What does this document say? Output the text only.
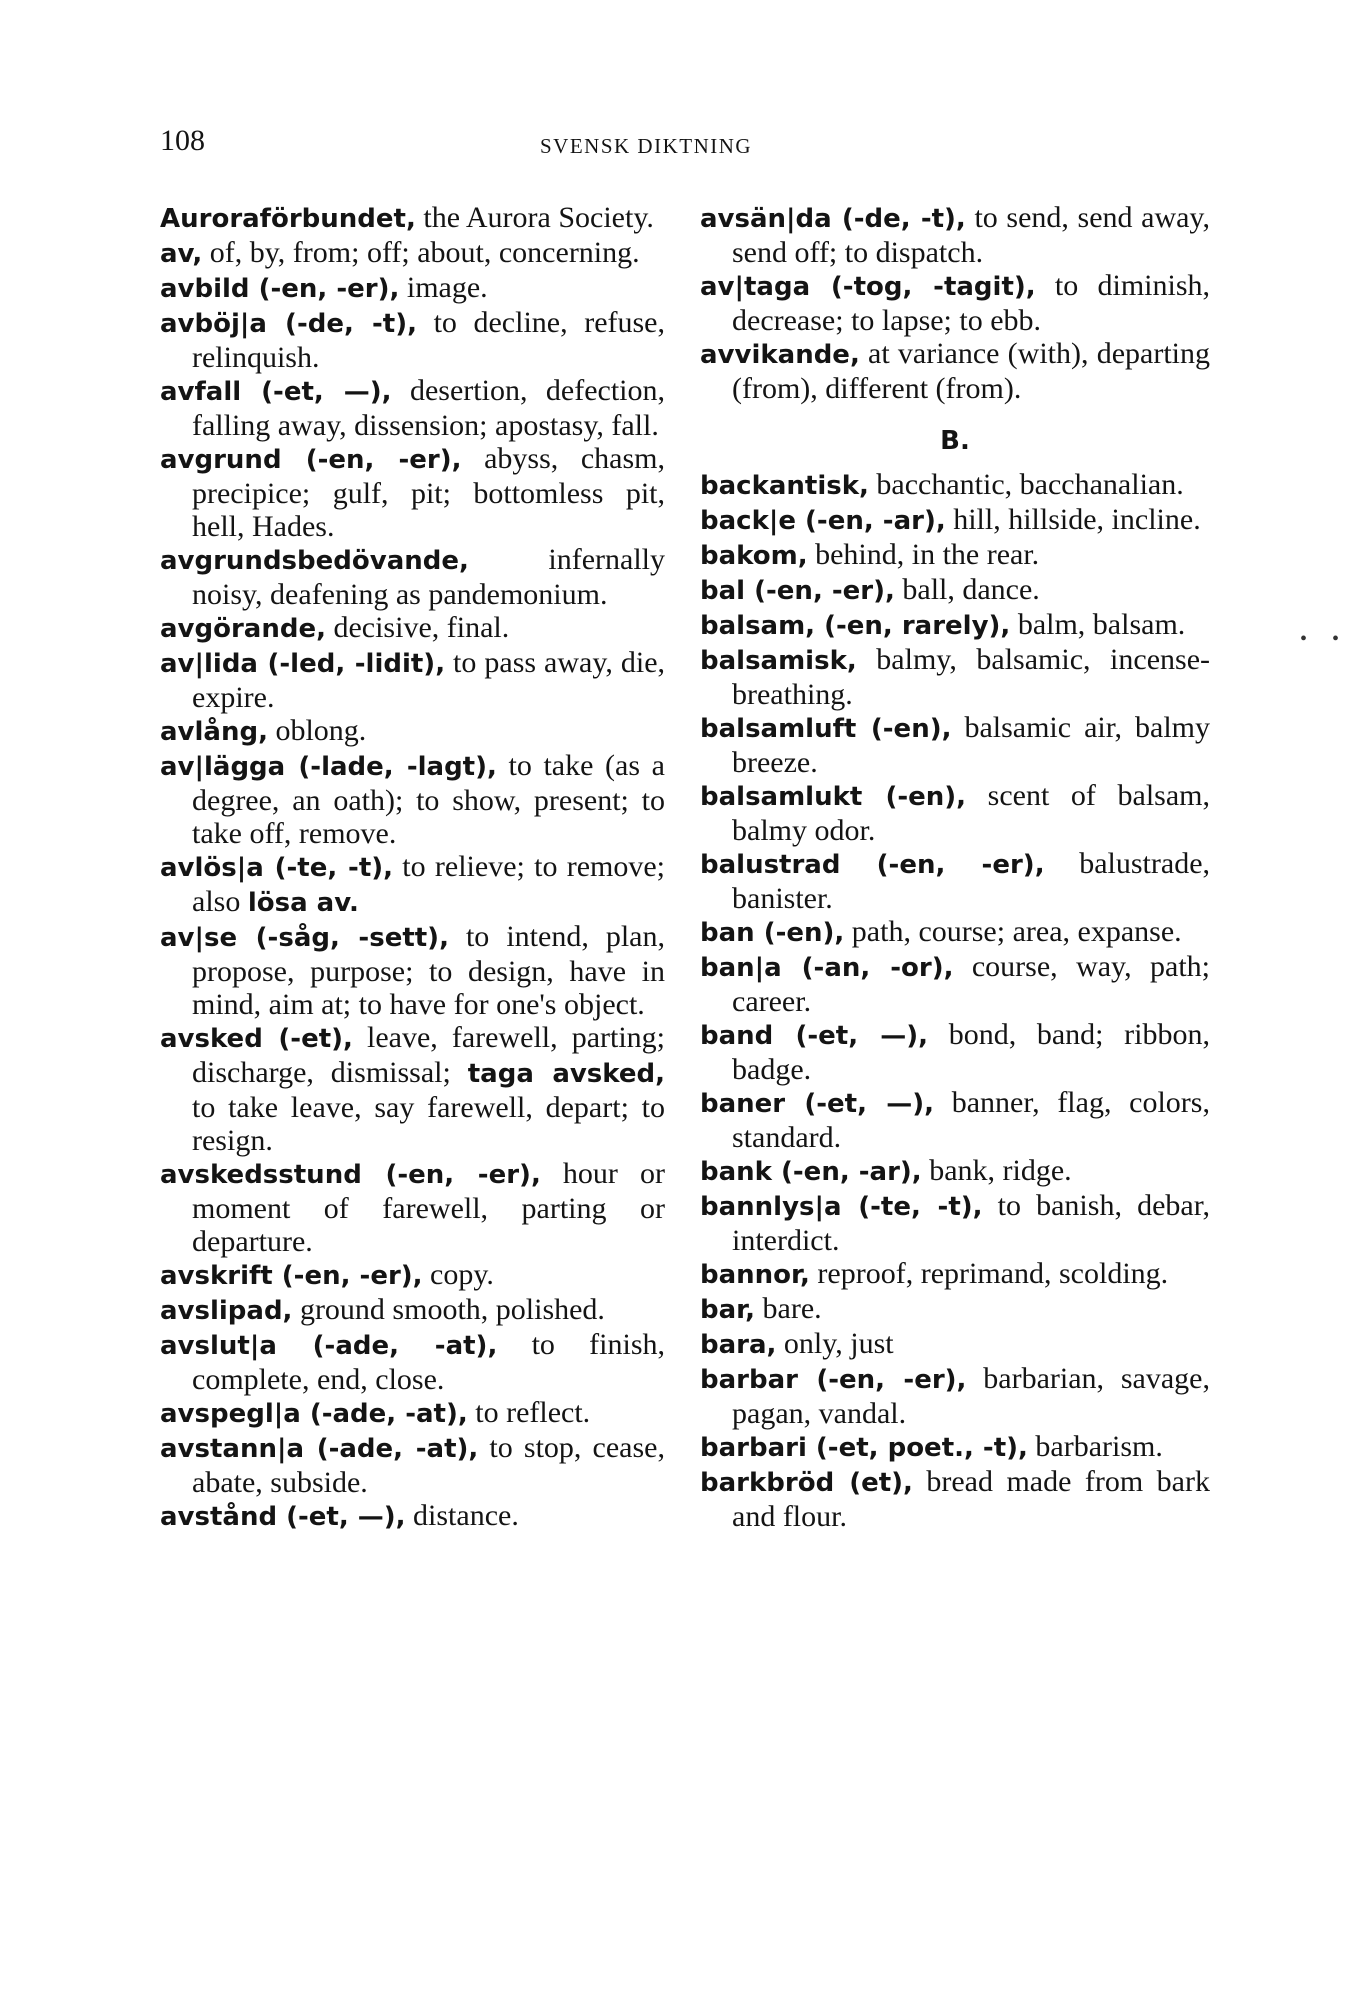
108	SVENSK DIKTNING

Auroraförbundet, the Aurora Society.

av, of, by, from; off; about, concerning.

avbild (-en, -er), image.

avböj|a (-de, -t), to decline, refuse, relinquish.

avfall (-et, —), desertion, defection, falling away, dissension; apostasy, fall.

avgrund (-en, -er), abyss, chasm, precipice; gulf, pit; bottomless pit, hell, Hades.

avgrundsbedövande, infernally noisy, deafening as pandemonium.

avgörande, decisive, final.

av|lida (-led, -lidit), to pass away, die, expire.

avlång, oblong.

av|lägga (-lade, -lagt), to take (as a degree, an oath); to show, present; to take off, remove.

avlös|a (-te, -t), to relieve; to remove; also lösa av.

av|se (-såg, -sett), to intend, plan, propose, purpose; to design, have in mind, aim at; to have for one's object.

avsked (-et), leave, farewell, parting; discharge, dismissal; taga avsked, to take leave, say farewell, depart; to resign.

avskedsstund (-en, -er), hour or moment of farewell, parting or departure.

avskrift (-en, -er), copy.

avslipad, ground smooth, polished.

avslut|a (-ade, -at), to finish, complete, end, close.

avspegl|a (-ade, -at), to reflect.

avstann|a (-ade, -at), to stop, cease, abate, subside.

avstånd (-et, —), distance.

avsän|da (-de, -t), to send, send away, send off; to dispatch.

av|taga (-tog, -tagit), to diminish, decrease; to lapse; to ebb.

avvikande, at variance (with), departing (from), different (from).

B.

backantisk, bacchantic, bacchanalian.

back|e (-en, -ar), hill, hillside, incline.

bakom, behind, in the rear.

bal (-en, -er), ball, dance.

balsam, (-en, rarely), balm, balsam.

balsamisk, balmy, balsamic, incense-breathing.

balsamluft (-en), balsamic air, balmy breeze.

balsamlukt (-en), scent of balsam, balmy odor.

balustrad (-en, -er), balustrade, banister.

ban (-en), path, course; area, expanse.

ban|a (-an, -or), course, way, path; career.

band (-et, —), bond, band; ribbon, badge.

baner (-et, —), banner, flag, colors, standard.

bank (-en, -ar), bank, ridge.

bannlys|a (-te, -t), to banish, debar, interdict.

bannor, reproof, reprimand, scolding.

bar, bare.

bara, only, just

barbar (-en, -er), barbarian, savage, pagan, vandal.

barbari (-et, poet., -t), barbarism.

barkbröd (et), bread made from bark and flour.

• •
